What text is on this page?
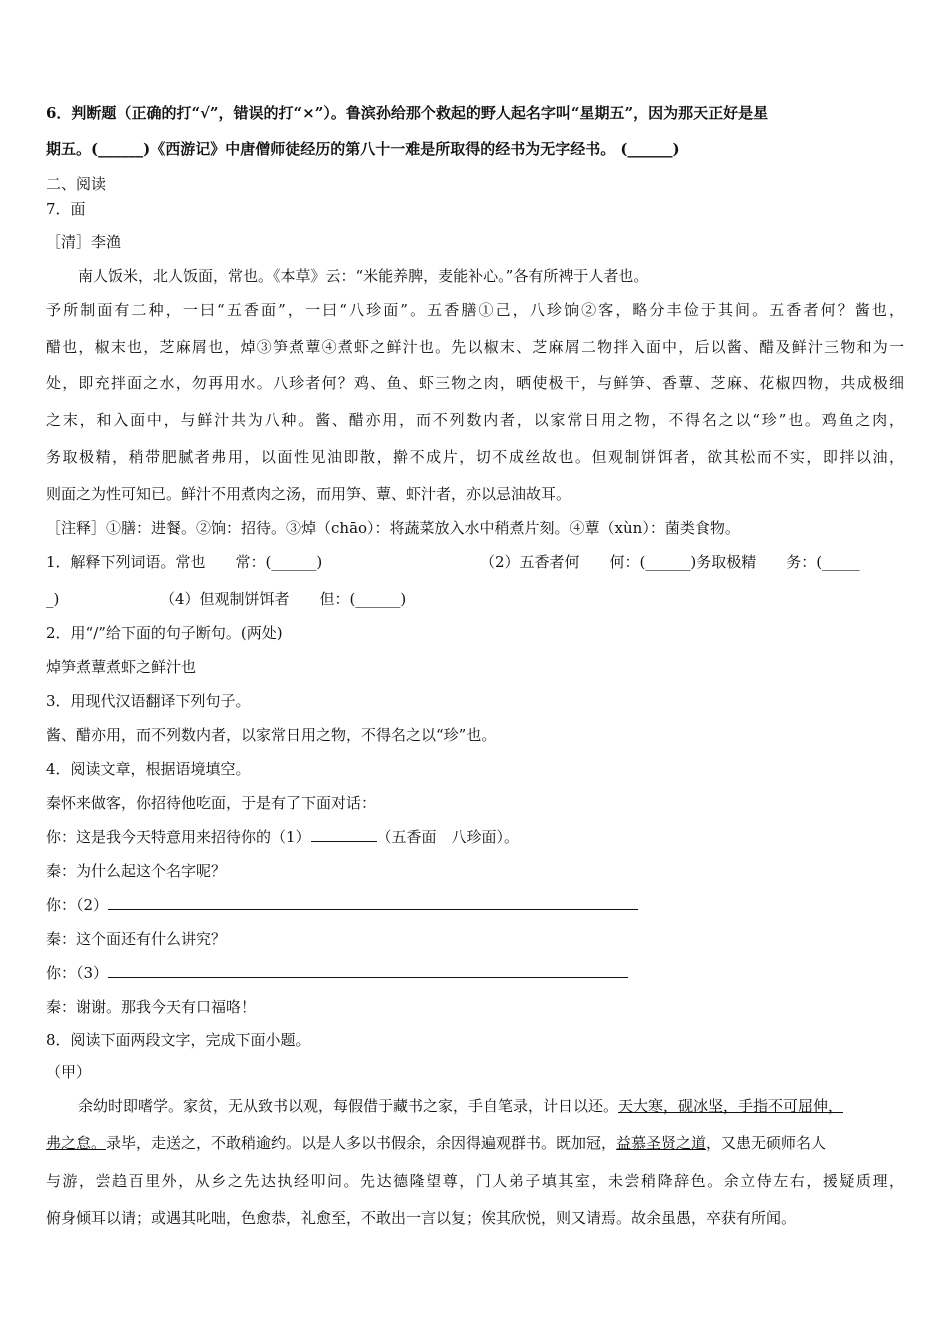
6．判断题（正确的打“√”，错误的打“×”）。鲁滨孙给那个救起的野人起名字叫“星期五”，因为那天正好是星
期五。(______)《西游记》中唐僧师徒经历的第八十一难是所取得的经书为无字经书。 (______)
二、阅读
7．面
［清］李渔
南人饭米，北人饭面，常也。《本草》云：“米能养脾，麦能补心。”各有所裨于人者也。
予所制面有二种，一曰“五香面”，一曰“八珍面”。五香膳①己，八珍饷②客，略分丰俭于其间。五香者何？酱也，
醋也，椒末也，芝麻屑也，焯③笋煮蕈④煮虾之鲜汁也。先以椒末、芝麻屑二物拌入面中，后以酱、醋及鲜汁三物和为一
处，即充拌面之水，勿再用水。八珍者何？鸡、鱼、虾三物之肉，晒使极干，与鲜笋、香蕈、芝麻、花椒四物，共成极细
之末，和入面中，与鲜汁共为八种。酱、醋亦用，而不列数内者，以家常日用之物，不得名之以“珍”也。鸡鱼之肉，
务取极精，稍带肥腻者弗用，以面性见油即散，擀不成片，切不成丝故也。但观制饼饵者，欲其松而不实，即拌以油，
则面之为性可知已。鲜汁不用煮肉之汤，而用笋、蕈、虾汁者，亦以忌油故耳。
［注释］①膳：进餐。②饷：招待。③焯（chāo）：将蔬菜放入水中稍煮片刻。④蕈（xùn）：菌类食物。
1．解释下列词语。常也　　常：(______)	（2）五香者何　　何：(______)务取极精　　务：(_____
_)	（4）但观制饼饵者　　但：(______)
2．用“/”给下面的句子断句。(两处)
焯笋煮蕈煮虾之鲜汁也
3．用现代汉语翻译下列句子。
酱、醋亦用，而不列数内者，以家常日用之物，不得名之以“珍”也。
4．阅读文章，根据语境填空。
秦怀来做客，你招待他吃面，于是有了下面对话：
你：这是我今天特意用来招待你的（1）	（五香面　八珍面）。
秦：为什么起这个名字呢？
你：（2）
秦：这个面还有什么讲究？
你：（3）
秦：谢谢。那我今天有口福咯！
8．阅读下面两段文字，完成下面小题。
（甲）
余幼时即嗜学。家贫，无从致书以观，每假借于藏书之家，手自笔录，计日以还。天大寒，砚冰坚，手指不可屈伸，
弗之怠。录毕，走送之，不敢稍逾约。以是人多以书假余，余因得遍观群书。既加冠，益慕圣贤之道，又患无硕师名人
与游，尝趋百里外，从乡之先达执经叩问。先达德隆望尊，门人弟子填其室，未尝稍降辞色。余立侍左右，援疑质理，
俯身倾耳以请；或遇其叱咄，色愈恭，礼愈至，不敢出一言以复；俟其欣悦，则又请焉。故余虽愚，卒获有所闻。
